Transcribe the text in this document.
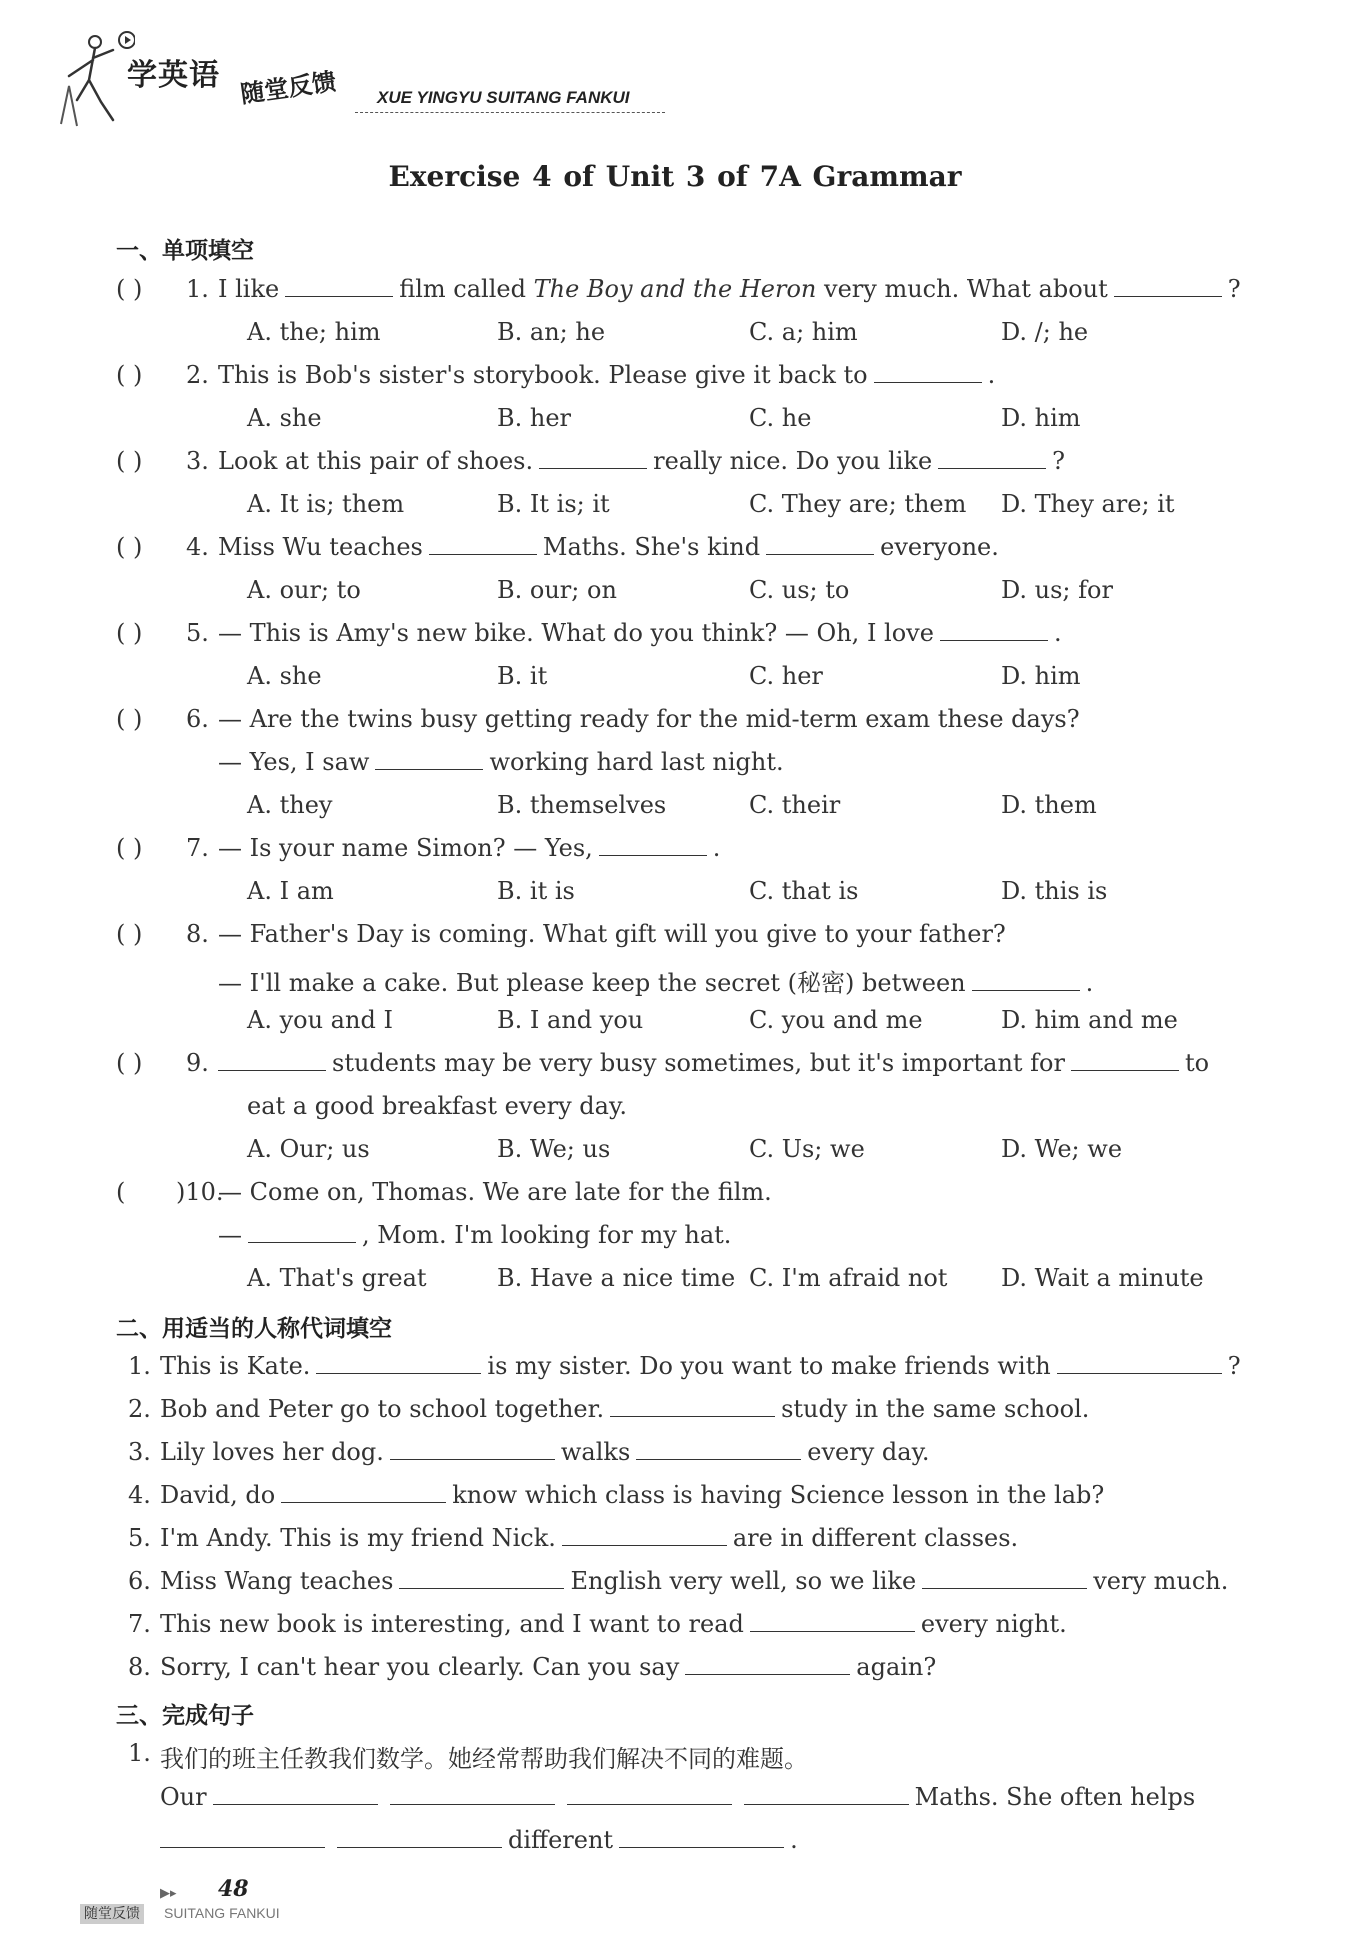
学英语 随堂反馈 XUE YINGYU SUITANG FANKUI
Exercise 4 of Unit 3 of 7A Grammar
一、单项填空
( ) 1. I like	film called The Boy and the Heron very much. What about	?
A. the; him	B. an; he	C. a; him	D. /; he
( ) 2. This is Bob's sister's storybook. Please give it back to	.
A. she	B. her	C. he	D. him
( ) 3. Look at this pair of shoes.	really nice. Do you like	?
A. It is; them	B. It is; it	C. They are; them D. They are; it
( ) 4. Miss Wu teaches	Maths. She's kind	everyone.
A. our; to	B. our; on	C. us; to	D. us; for
( ) 5. — This is Amy's new bike. What do you think? — Oh, I love	.
A. she	B. it	C. her	D. him
( ) 6. — Are the twins busy getting ready for the mid-term exam these days?
— Yes, I saw	working hard last night.
A. they	B. themselves	C. their	D. them
( ) 7. — Is your name Simon? — Yes,	.
A. I am	B. it is	C. that is	D. this is
( ) 8. — Father's Day is coming. What gift will you give to your father?
— I'll make a cake. But please keep the secret (秘密) between	.
A. you and I	B. I and you	C. you and me	D. him and me
( ) 9.	students may be very busy sometimes, but it's important for	to
eat a good breakfast every day.
A. Our; us	B. We; us	C. Us; we	D. We; we
( )10.
— Come on, Thomas. We are late for the film.
—	, Mom. I'm looking for my hat.
A. That's great	B. Have a nice time C. I'm afraid not D. Wait a minute
二、用适当的人称代词填空
1. This is Kate.	is my sister. Do you want to make friends with	?
2. Bob and Peter go to school together.	study in the same school.
3. Lily loves her dog.	walks	every day.
4. David, do	know which class is having Science lesson in the lab?
5. I'm Andy. This is my friend Nick.	are in different classes.
6. Miss Wang teaches	English very well, so we like	very much.
7. This new book is interesting, and I want to read	every night.
8. Sorry, I can't hear you clearly. Can you say	again?
三、完成句子
1. 我们的班主任教我们数学。她经常帮助我们解决不同的难题。
Our	Maths. She often helps
different	.
▶▸ 48
随堂反馈 SUITANG FANKUI
